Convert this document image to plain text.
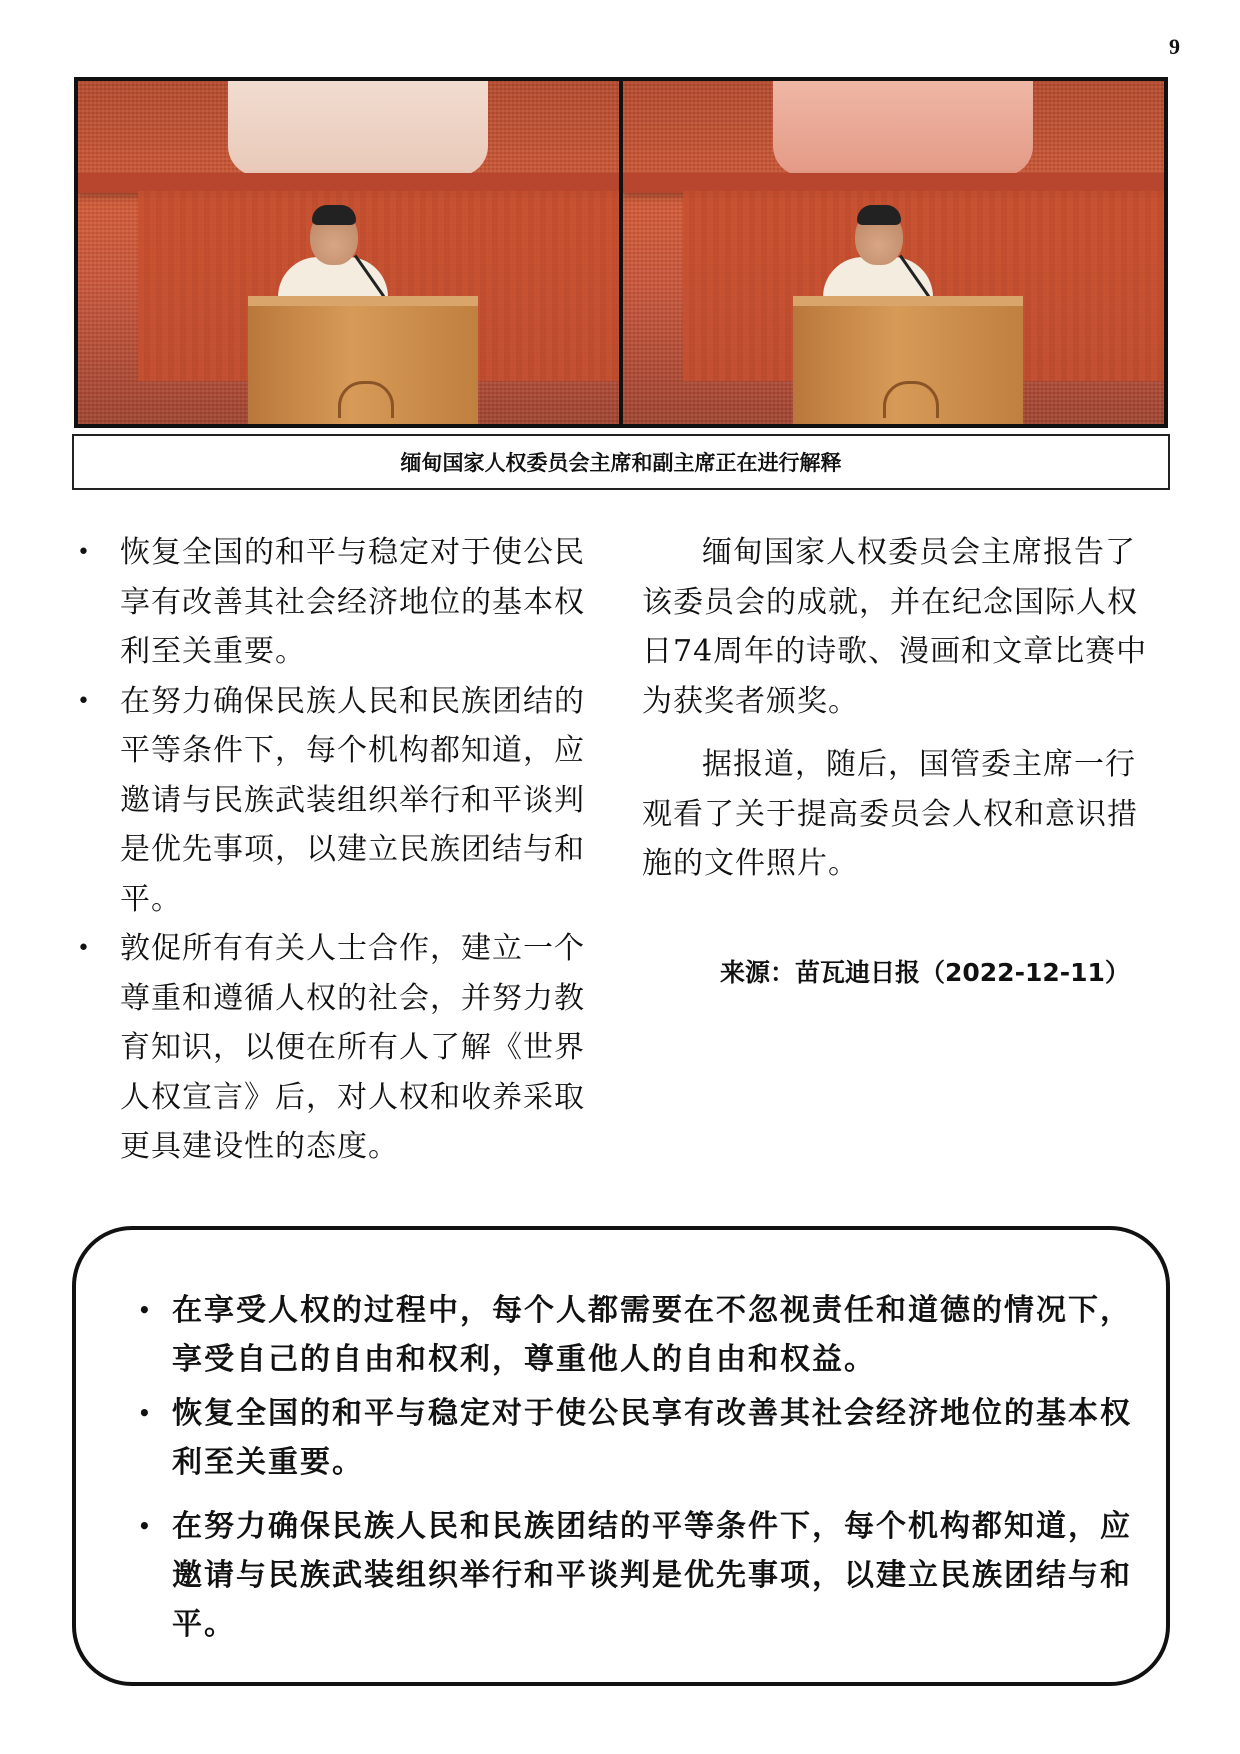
9
缅甸国家人权委员会主席和副主席正在进行解释
• 恢复全国的和平与稳定对于使公民享有改善其社会经济地位的基本权利至关重要。
• 在努力确保民族人民和民族团结的平等条件下，每个机构都知道，应邀请与民族武装组织举行和平谈判是优先事项，以建立民族团结与和平。
• 敦促所有有关人士合作，建立一个尊重和遵循人权的社会，并努力教育知识，以便在所有人了解《世界人权宣言》后，对人权和收养采取更具建设性的态度。

缅甸国家人权委员会主席报告了该委员会的成就，并在纪念国际人权日74周年的诗歌、漫画和文章比赛中为获奖者颁奖。

据报道，随后，国管委主席一行观看了关于提高委员会人权和意识措施的文件照片。

来源：苗瓦迪日报（2022-12-11）
• 在享受人权的过程中，每个人都需要在不忽视责任和道德的情况下，享受自己的自由和权利，尊重他人的自由和权益。
• 恢复全国的和平与稳定对于使公民享有改善其社会经济地位的基本权利至关重要。
• 在努力确保民族人民和民族团结的平等条件下，每个机构都知道，应邀请与民族武装组织举行和平谈判是优先事项，以建立民族团结与和平。
